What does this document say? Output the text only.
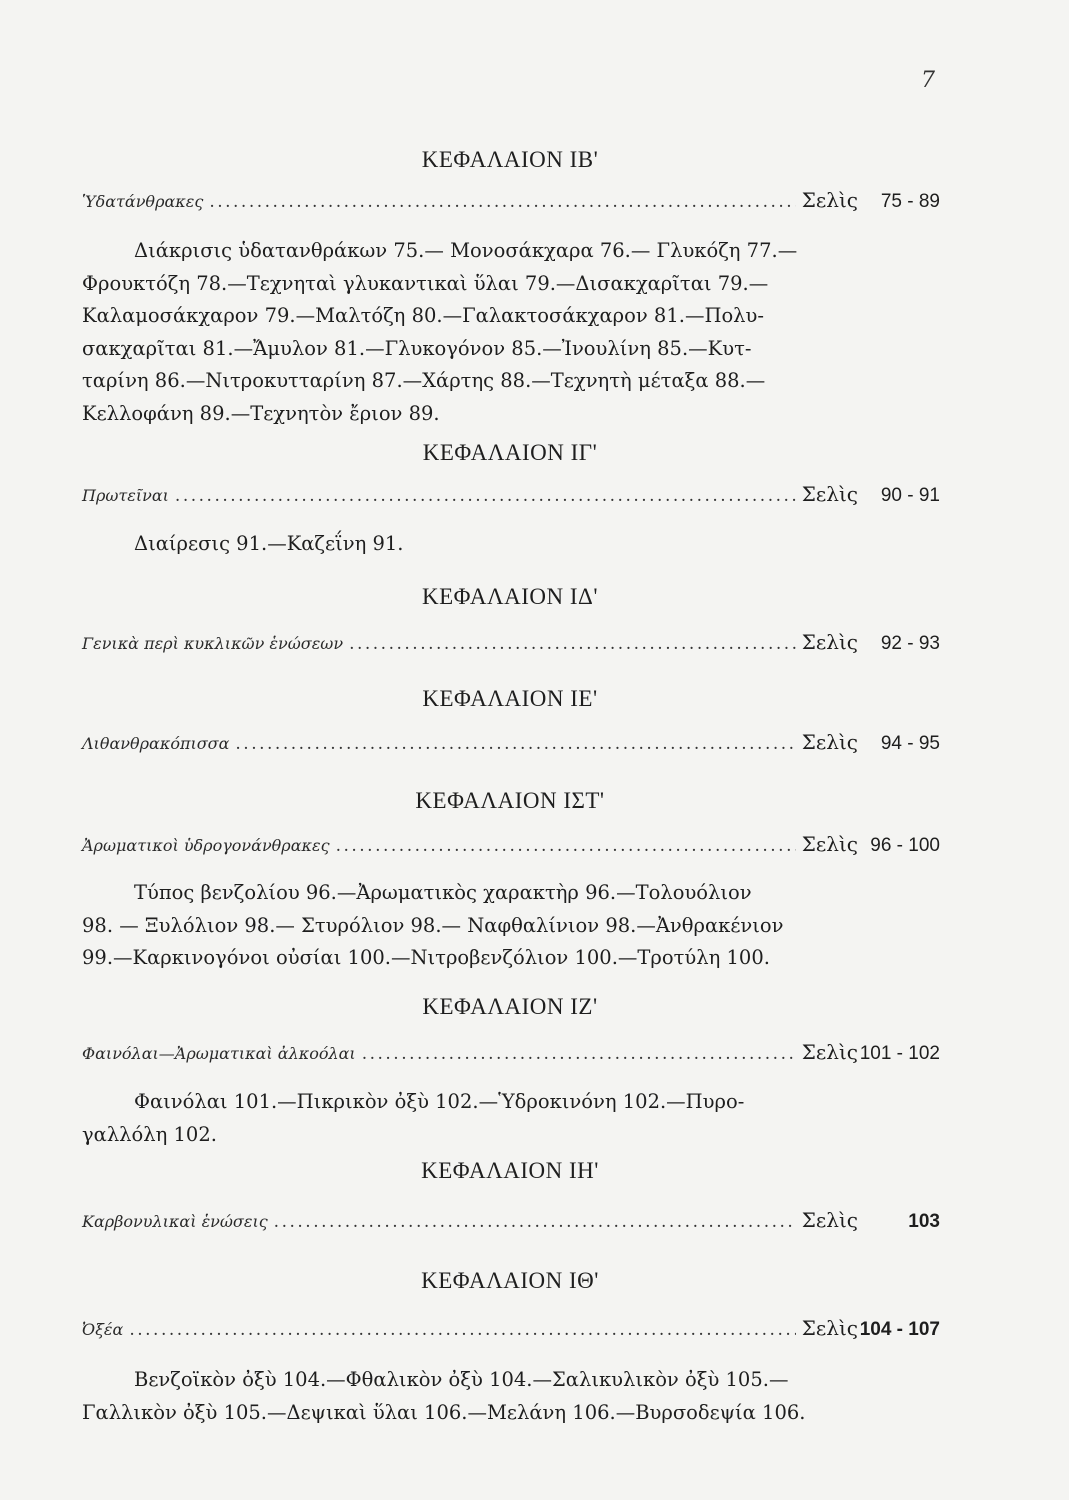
7
ΚΕΦΑΛΑΙΟΝ ΙΒ'
Ὑδατάνθρακες .....	Σελὶς	75 - 89
Διάκρισις ὑδατανθράκων 75.— Μονοσάκχαρα 76.— Γλυκόζη 77.—
Φρουκτόζη 78.—Τεχνηταὶ γλυκαντικαὶ ὕλαι 79.—Δισακχαρῖται 79.—
Καλαμοσάκχαρον 79.—Μαλτόζη 80.—Γαλακτοσάκχαρον 81.—Πολυ-
σακχαρῖται 81.—Ἄμυλον 81.—Γλυκογόνον 85.—Ἰνουλίνη 85.—Κυτ-
ταρίνη 86.—Νιτροκυτταρίνη 87.—Χάρτης 88.—Τεχνητὴ μέταξα 88.—
Κελλοφάνη 89.—Τεχνητὸν ἔριον 89.
ΚΕΦΑΛΑΙΟΝ ΙΓ'
Πρωτεῖναι .....	Σελὶς	90 - 91
Διαίρεσις 91.—Καζεΐνη 91.
ΚΕΦΑΛΑΙΟΝ ΙΔ'
Γενικὰ περὶ κυκλικῶν ἑνώσεων .....	Σελὶς	92 - 93
ΚΕΦΑΛΑΙΟΝ ΙΕ'
Λιθανθρακόπισσα .....	Σελὶς	94 - 95
ΚΕΦΑΛΑΙΟΝ ΙΣΤ'
Ἀρωματικοὶ ὑδρογονάνθρακες .....	Σελὶς 96 - 100
Τύπος βενζολίου 96.—Ἀρωματικὸς χαρακτὴρ 96.—Τολουόλιον
98. — Ξυλόλιον 98.— Στυρόλιον 98.— Ναφθαλίνιον 98.—Ἀνθρακένιον
99.—Καρκινογόνοι οὐσίαι 100.—Νιτροβενζόλιον 100.—Τροτύλη 100.
ΚΕΦΑΛΑΙΟΝ ΙΖ'
Φαινόλαι—Ἀρωματικαὶ ἀλκοόλαι .....	Σελὶς 101 - 102
Φαινόλαι 101.—Πικρικὸν ὀξὺ 102.—Ὑδροκινόνη 102.—Πυρο-
γαλλόλη 102.
ΚΕΦΑΛΑΙΟΝ ΙΗ'
Καρβονυλικαὶ ἑνώσεις .....	Σελὶς	103
ΚΕΦΑΛΑΙΟΝ ΙΘ'
Ὀξέα .....	Σελὶς 104 - 107
Βενζοϊκὸν ὀξὺ 104.—Φθαλικὸν ὀξὺ 104.—Σαλικυλικὸν ὀξὺ 105.—
Γαλλικὸν ὀξὺ 105.—Δεψικαὶ ὕλαι 106.—Μελάνη 106.—Βυρσοδεψία 106.
